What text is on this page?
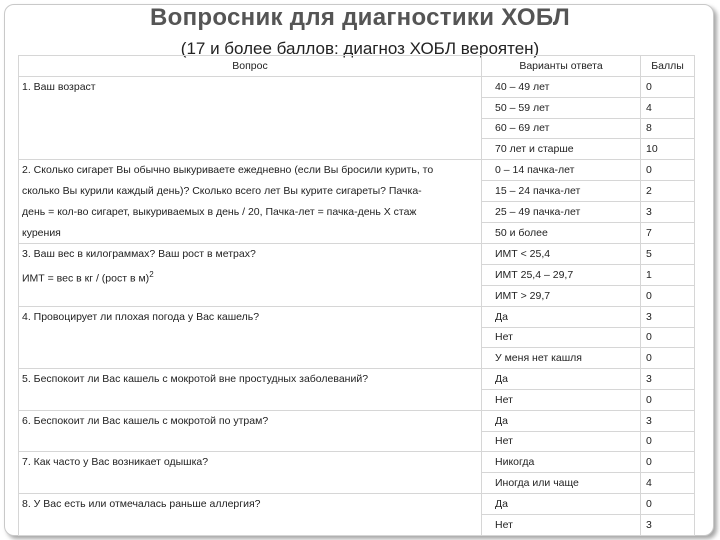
Вопросник для диагностики ХОБЛ
(17 и более баллов: диагноз ХОБЛ вероятен)
Вопрос	Варианты ответа	Баллы

1. Ваш возраст	40 – 49 лет	0
	50 – 59 лет	4
	60 – 69 лет	8
	70 лет и старше	10

2. Сколько сигарет Вы обычно выкуриваете ежедневно (если Вы бросили курить, то
сколько Вы курили каждый день)? Сколько всего лет Вы курите сигареты? Пачка-
день = кол-во сигарет, выкуриваемых в день / 20, Пачка-лет = пачка-день Х стаж
курения	0 – 14 пачка-лет	0
	15 – 24 пачка-лет	2
	25 – 49 пачка-лет	3
	50 и более	7

3. Ваш вес в килограммах? Ваш рост в метрах?
ИМТ = вес в кг / (рост в м)$^2$	ИМТ < 25,4	5
	ИМТ 25,4 – 29,7	1
	ИМТ > 29,7	0

4. Провоцирует ли плохая погода у Вас кашель?	Да	3
	Нет	0
	У меня нет кашля	0

5. Беспокоит ли Вас кашель с мокротой вне простудных заболеваний?	Да	3
	Нет	0

6. Беспокоит ли Вас кашель с мокротой по утрам?	Да	3
	Нет	0

7. Как часто у Вас возникает одышка?	Никогда	0
	Иногда или чаще	4

8. У Вас есть или отмечалась раньше аллергия?	Да	0
	Нет	3
